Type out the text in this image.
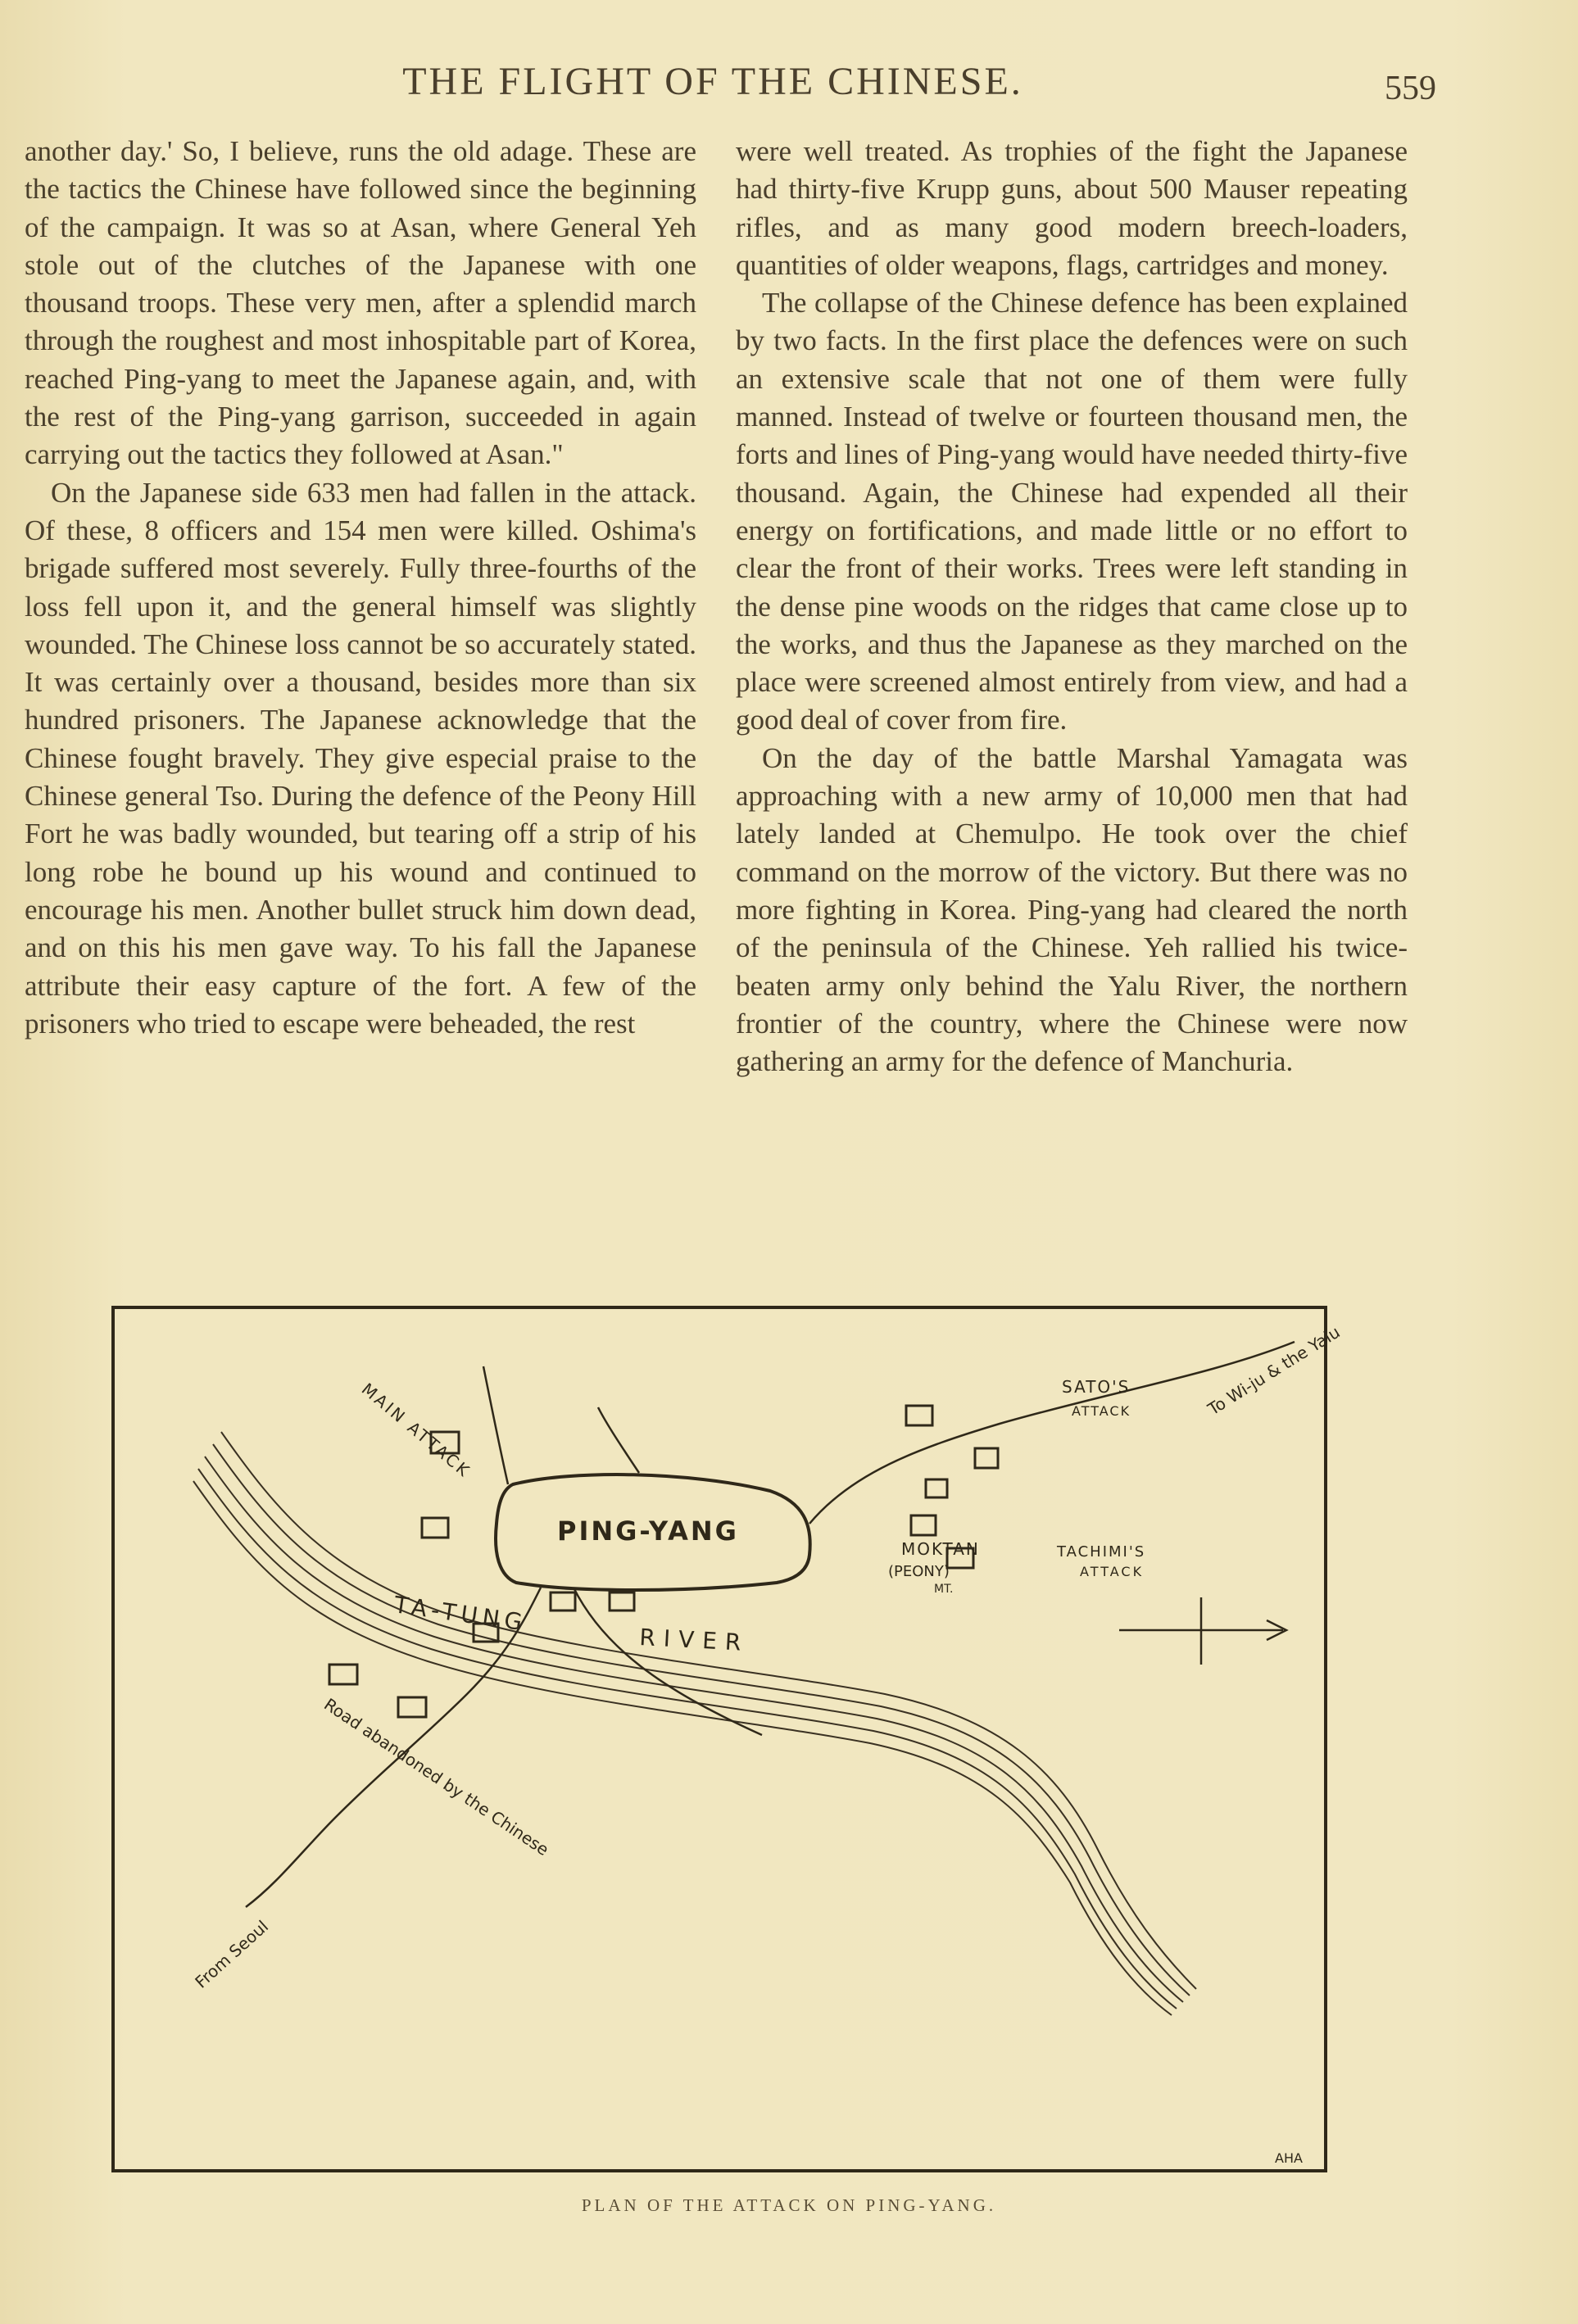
THE FLIGHT OF THE CHINESE.	559

another day.' So, I believe, runs the old adage. These are the tactics the Chinese have followed since the beginning of the campaign. It was so at Asan, where General Yeh stole out of the clutches of the Japanese with one thousand troops. These very men, after a splendid march through the roughest and most inhospitable part of Korea, reached Ping-yang to meet the Japanese again, and, with the rest of the Ping-yang garrison, succeeded in again carrying out the tactics they followed at Asan."

On the Japanese side 633 men had fallen in the attack. Of these, 8 officers and 154 men were killed. Oshima's brigade suffered most severely. Fully three-fourths of the loss fell upon it, and the general himself was slightly wounded. The Chinese loss cannot be so accurately stated. It was certainly over a thousand, besides more than six hundred prisoners. The Japanese acknowledge that the Chinese fought bravely. They give especial praise to the Chinese general Tso. During the defence of the Peony Hill Fort he was badly wounded, but tearing off a strip of his long robe he bound up his wound and continued to encourage his men. Another bullet struck him down dead, and on this his men gave way. To his fall the Japanese attribute their easy capture of the fort. A few of the prisoners who tried to escape were beheaded, the rest

were well treated. As trophies of the fight the Japanese had thirty-five Krupp guns, about 500 Mauser repeating rifles, and as many good modern breech-loaders, quantities of older weapons, flags, cartridges and money.

The collapse of the Chinese defence has been explained by two facts. In the first place the defences were on such an extensive scale that not one of them were fully manned. Instead of twelve or fourteen thousand men, the forts and lines of Ping-yang would have needed thirty-five thousand. Again, the Chinese had expended all their energy on fortifications, and made little or no effort to clear the front of their works. Trees were left standing in the dense pine woods on the ridges that came close up to the works, and thus the Japanese as they marched on the place were screened almost entirely from view, and had a good deal of cover from fire.

On the day of the battle Marshal Yamagata was approaching with a new army of 10,000 men that had lately landed at Chemulpo. He took over the chief command on the morrow of the victory. But there was no more fighting in Korea. Ping-yang had cleared the north of the peninsula of the Chinese. Yeh rallied his twice-beaten army only behind the Yalu River, the northern frontier of the country, where the Chinese were now gathering an army for the defence of Manchuria.

PING-YANG
TA-TUNG
RIVER
MAIN ATTACK	SATO'S
ATTACK
MOKTAN
(PEONY)
MT.
TACHIMI'S
ATTACK
To Wi-ju & the Yalu
Road abandoned by the Chinese
From Seoul
AHA
PLAN OF THE ATTACK ON PING-YANG.
